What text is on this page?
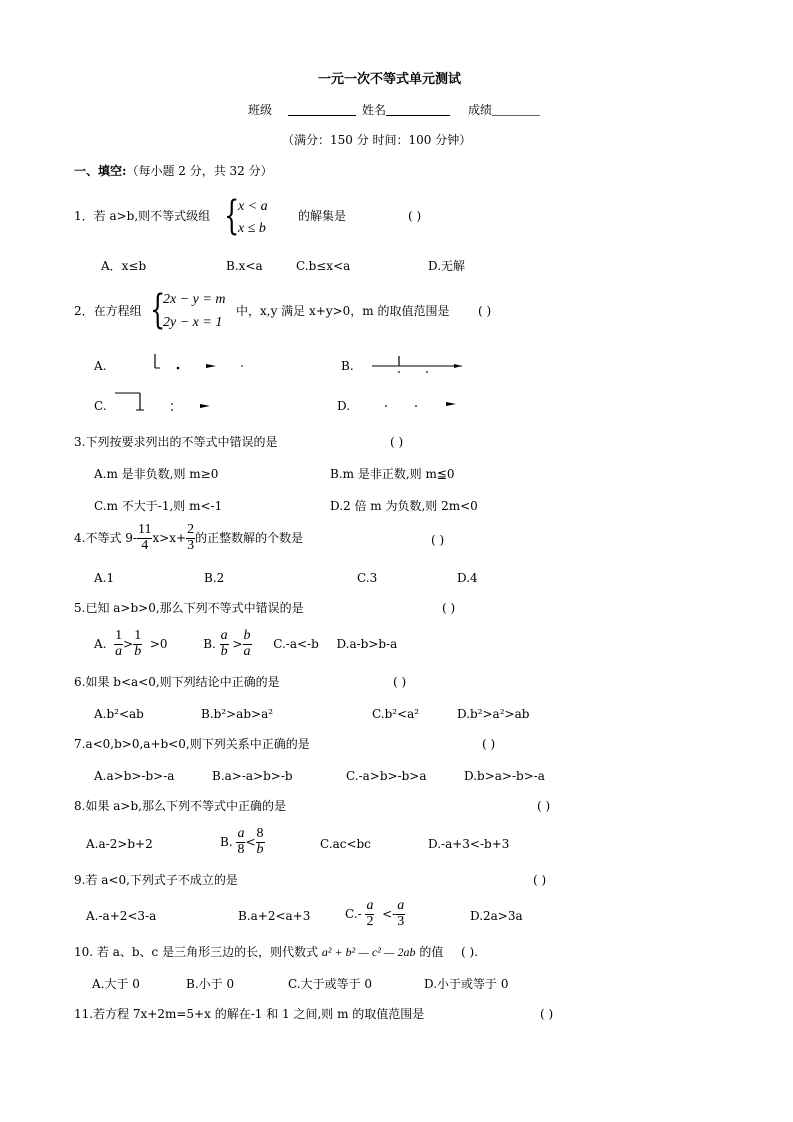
一元一次不等式单元测试
班级	姓名	成绩
（满分：150 分 时间：100 分钟）
一、填空:（每小题 2 分，共 32 分）
1．若 a>b,则不等式级组 {
x < a
x ≤ b
的解集是	( )
A．x≤b	B.x<a	C.b≤x<a	D.无解
2．在方程组 {
2x − y = m
2y − x = 1
中，x,y 满足 x+y>0，m 的取值范围是 ( )
A.	B.
C.	D.
3.下列按要求列出的不等式中错误的是	( )
A.m 是非负数,则 m≥0	B.m 是非正数,则 m≦0
C.m 不大于-1,则 m<-1	D.2 倍 m 为负数,则 2m<0
4.不等式 $9- \frac{11}{4} x>x+ \frac{2}{3}$ 的正整数解的个数是	( )
A.1	B.2	C.3	D.4
5.已知 a>b>0,那么下列不等式中错误的是	( )
A. $\frac{1}{a} > \frac{1}{b} >0$	B. $\frac{a}{b} > \frac{b}{a} C.-a<-b$ D.a-b>b-a
6.如果 b<a<0,则下列结论中正确的是	( )
A.b²<ab	B.b²>ab>a²	C.b²<a²	D.b²>a²>ab
7.a<0,b>0,a+b<0,则下列关系中正确的是	( )
A.a>b>-b>-a	B.a>-a>b>-b	C.-a>b>-b>a	D.b>a>-b>-a
8.如果 a>b,那么下列不等式中正确的是	( )
A.a-2>b+2	B. $\frac{a}{8} < \frac{8}{b}$	C.ac<bc	D.-a+3<-b+3
9.若 a<0,下列式子不成立的是	( )
A.-a+2<3-a	B.a+2<a+3	$C.- \frac{a}{2} <- \frac{a}{3}$	D.2a>3a
10. 若 a、b、c 是三角形三边的长，则代数式 a² + b² — c² — 2ab 的值 ( ).
A.大于 0	B.小于 0	C.大于或等于 0	D.小于或等于 0
11.若方程 7x+2m=5+x 的解在-1 和 1 之间,则 m 的取值范围是	( )
